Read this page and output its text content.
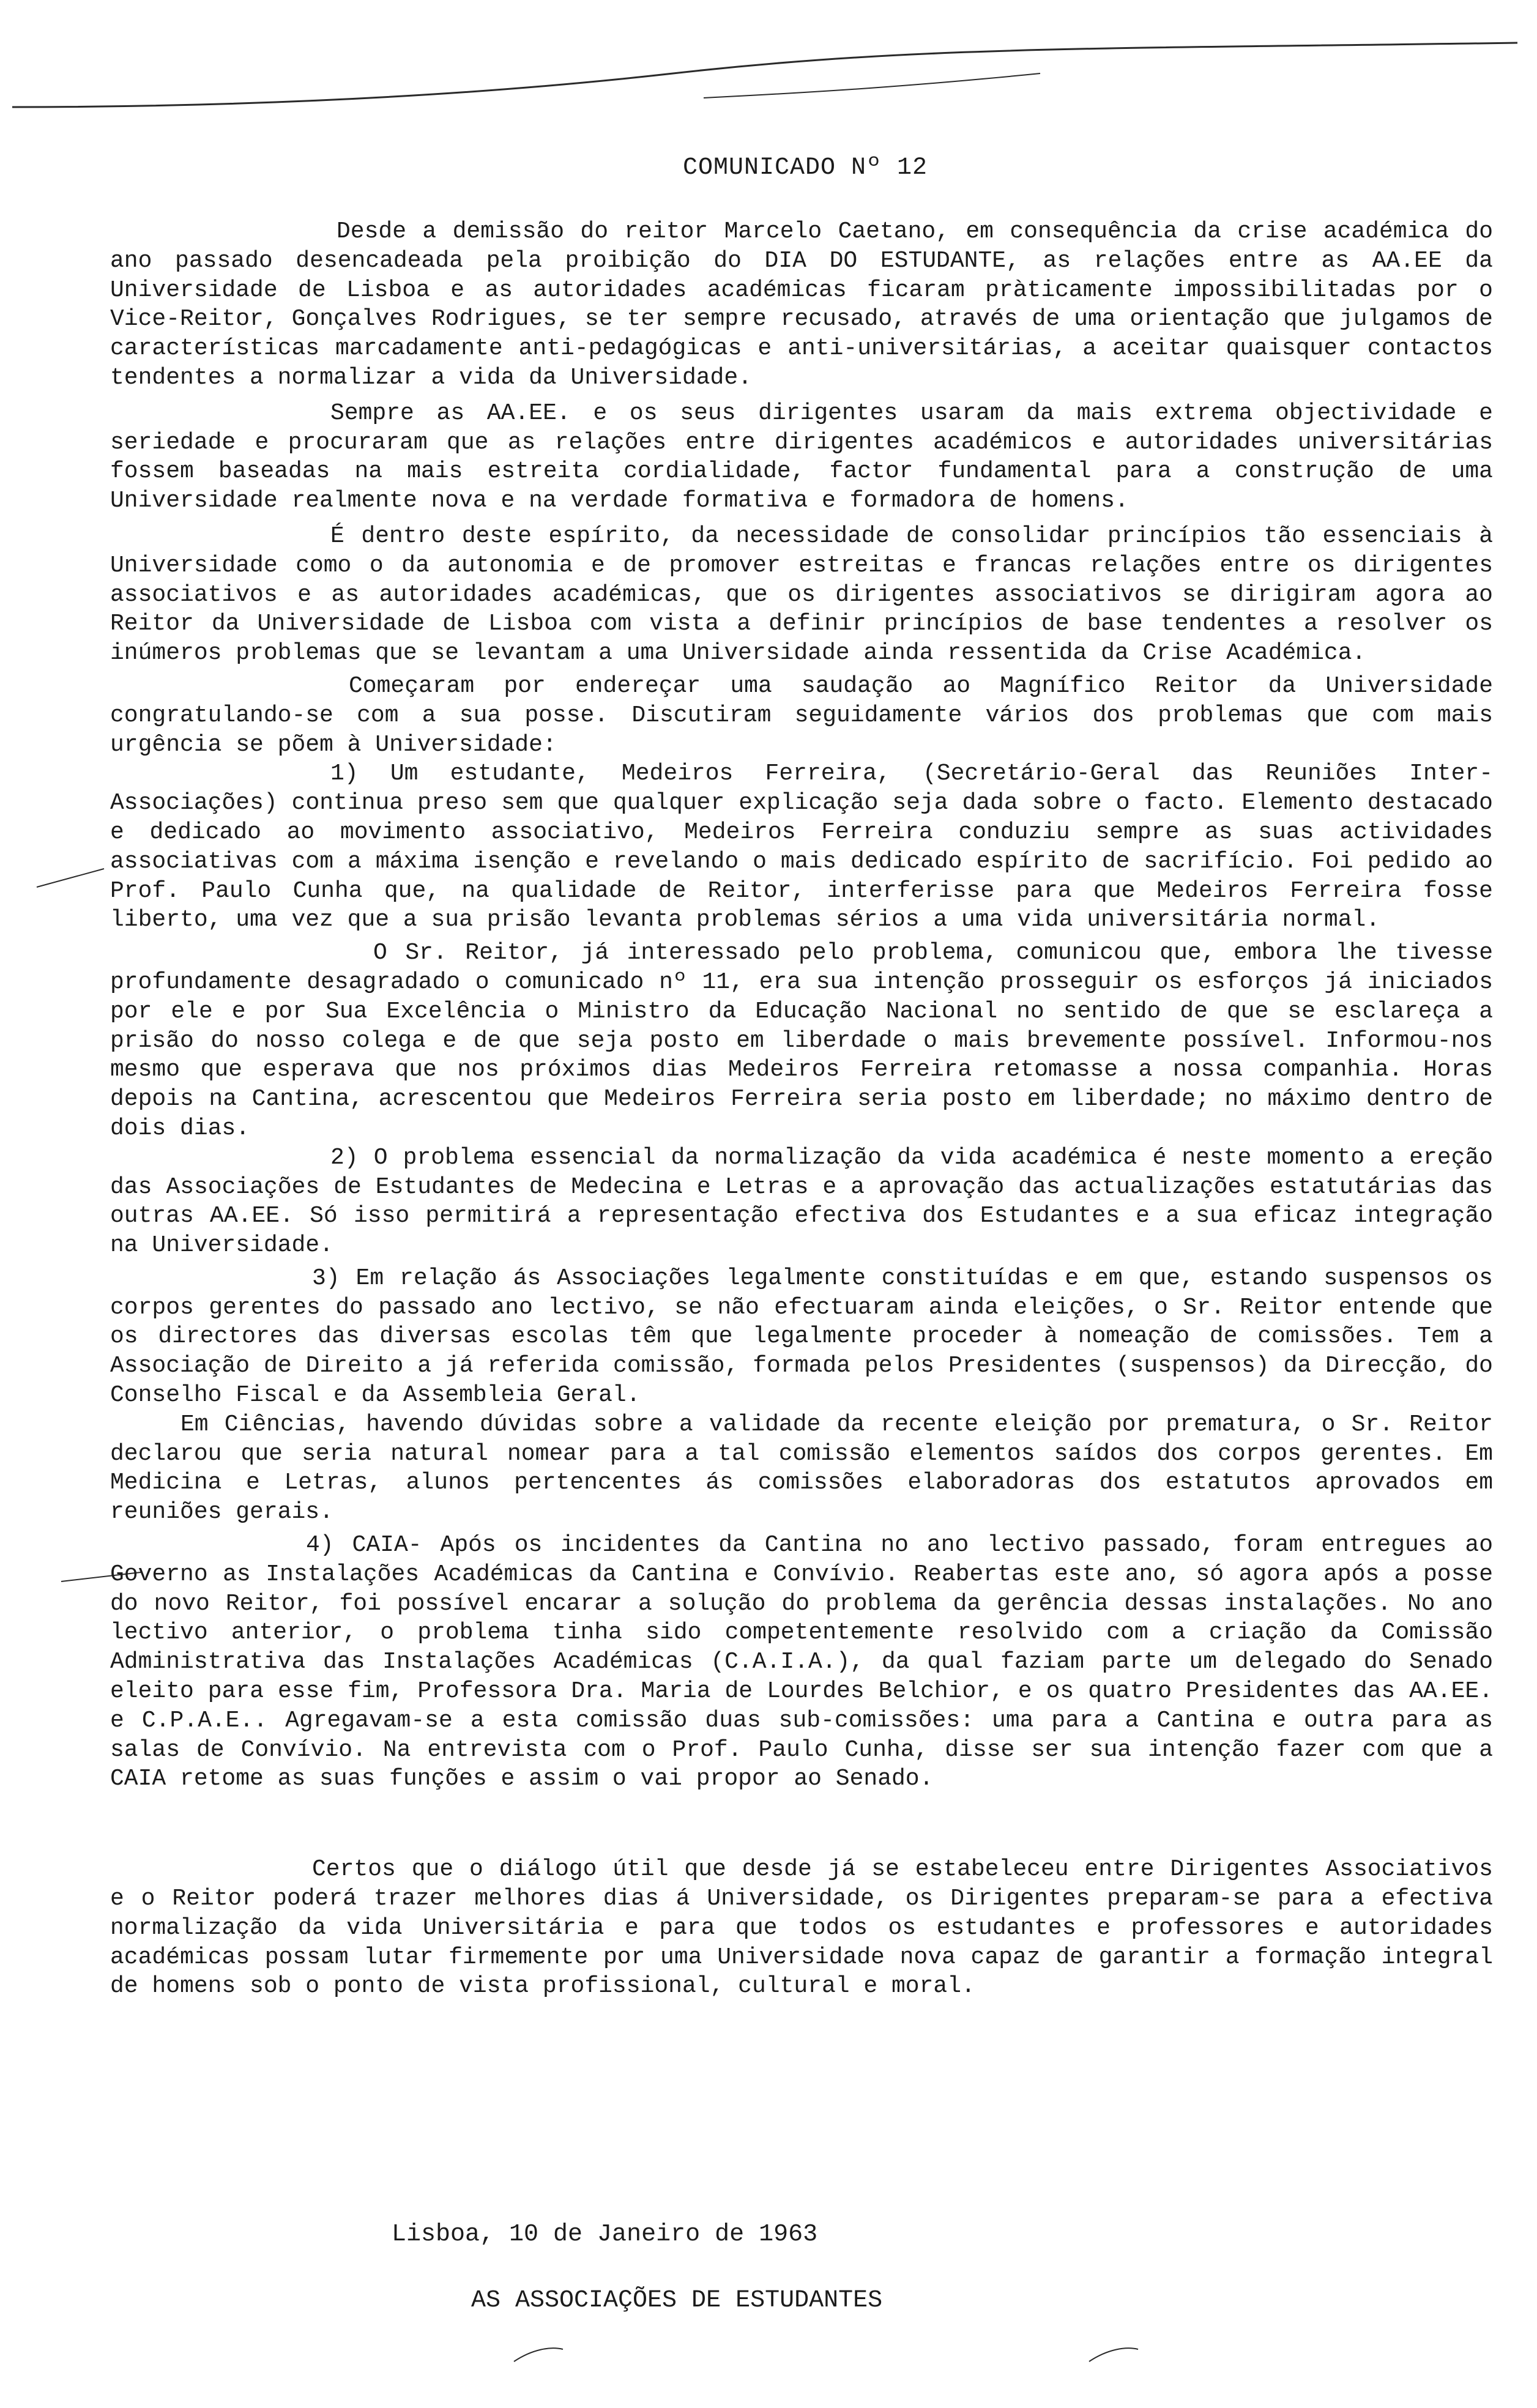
COMUNICADO Nº 12

Desde a demissão do reitor Marcelo Caetano, em consequência da crise académica do ano passado desencadeada pela proibição do DIA DO ESTUDANTE, as relações entre as AA.EE da Universidade de Lisboa e as autoridades académicas ficaram pràticamente impossibilitadas por o Vice-Reitor, Gonçalves Rodrigues, se ter sempre recusado, através de uma orientação que julgamos de características marcadamente anti-pedagógicas e anti-universitárias, a aceitar quaisquer contactos tendentes a normalizar a vida da Universidade.

Sempre as AA.EE. e os seus dirigentes usaram da mais extrema objectividade e seriedade e procuraram que as relações entre dirigentes académicos e autoridades universitárias fossem baseadas na mais estreita cordialidade, factor fundamental para a construção de uma Universidade realmente nova e na verdade formativa e formadora de homens.

É dentro deste espírito, da necessidade de consolidar princípios tão essenciais à Universidade como o da autonomia e de promover estreitas e francas relações entre os dirigentes associativos e as autoridades académicas, que os dirigentes associativos se dirigiram agora ao Reitor da Universidade de Lisboa com vista a definir princípios de base tendentes a resolver os inúmeros problemas que se levantam a uma Universidade ainda ressentida da Crise Académica.

Começaram por endereçar uma saudação ao Magnífico Reitor da Universidade congratulando-se com a sua posse. Discutiram seguidamente vários dos problemas que com mais urgência se põem à Universidade:

1) Um estudante, Medeiros Ferreira, (Secretário-Geral das Reuniões Inter-Associações) continua preso sem que qualquer explicação seja dada sobre o facto. Elemento destacado e dedicado ao movimento associativo, Medeiros Ferreira conduziu sempre as suas actividades associativas com a máxima isenção e revelando o mais dedicado espírito de sacrifício. Foi pedido ao Prof. Paulo Cunha que, na qualidade de Reitor, interferisse para que Medeiros Ferreira fosse liberto, uma vez que a sua prisão levanta problemas sérios a uma vida universitária normal.

O Sr. Reitor, já interessado pelo problema, comunicou que, embora lhe tivesse profundamente desagradado o comunicado nº 11, era sua intenção prosseguir os esforços já iniciados por ele e por Sua Excelência o Ministro da Educação Nacional no sentido de que se esclareça a prisão do nosso colega e de que seja posto em liberdade o mais brevemente possível. Informou-nos mesmo que esperava que nos próximos dias Medeiros Ferreira retomasse a nossa companhia. Horas depois na Cantina, acrescentou que Medeiros Ferreira seria posto em liberdade; no máximo dentro de dois dias.

2) O problema essencial da normalização da vida académica é neste momento a ereção das Associações de Estudantes de Medecina e Letras e a aprovação das actualizações estatutárias das outras AA.EE. Só isso permitirá a representação efectiva dos Estudantes e a sua eficaz integração na Universidade.

3) Em relação ás Associações legalmente constituídas e em que, estando suspensos os corpos gerentes do passado ano lectivo, se não efectuaram ainda eleições, o Sr. Reitor entende que os directores das diversas escolas têm que legalmente proceder à nomeação de comissões. Tem a Associação de Direito a já referida comissão, formada pelos Presidentes (suspensos) da Direcção, do Conselho Fiscal e da Assembleia Geral.

Em Ciências, havendo dúvidas sobre a validade da recente eleição por prematura, o Sr. Reitor declarou que seria natural nomear para a tal comissão elementos saídos dos corpos gerentes. Em Medicina e Letras, alunos pertencentes ás comissões elaboradoras dos estatutos aprovados em reuniões gerais.

4) CAIA- Após os incidentes da Cantina no ano lectivo passado, foram entregues ao Governo as Instalações Académicas da Cantina e Convívio. Reabertas este ano, só agora após a posse do novo Reitor, foi possível encarar a solução do problema da gerência dessas instalações. No ano lectivo anterior, o problema tinha sido competentemente resolvido com a criação da Comissão Administrativa das Instalações Académicas (C.A.I.A.), da qual faziam parte um delegado do Senado eleito para esse fim, Professora Dra. Maria de Lourdes Belchior, e os quatro Presidentes das AA.EE. e C.P.A.E.. Agregavam-se a esta comissão duas sub-comissões: uma para a Cantina e outra para as salas de Convívio. Na entrevista com o Prof. Paulo Cunha, disse ser sua intenção fazer com que a CAIA retome as suas funções e assim o vai propor ao Senado.

Certos que o diálogo útil que desde já se estabeleceu entre Dirigentes Associativos e o Reitor poderá trazer melhores dias á Universidade, os Dirigentes preparam-se para a efectiva normalização da vida Universitária e para que todos os estudantes e professores e autoridades académicas possam lutar firmemente por uma Universidade nova capaz de garantir a formação integral de homens sob o ponto de vista profissional, cultural e moral.

Lisboa, 10 de Janeiro de 1963
AS ASSOCIAÇÕES DE ESTUDANTES
